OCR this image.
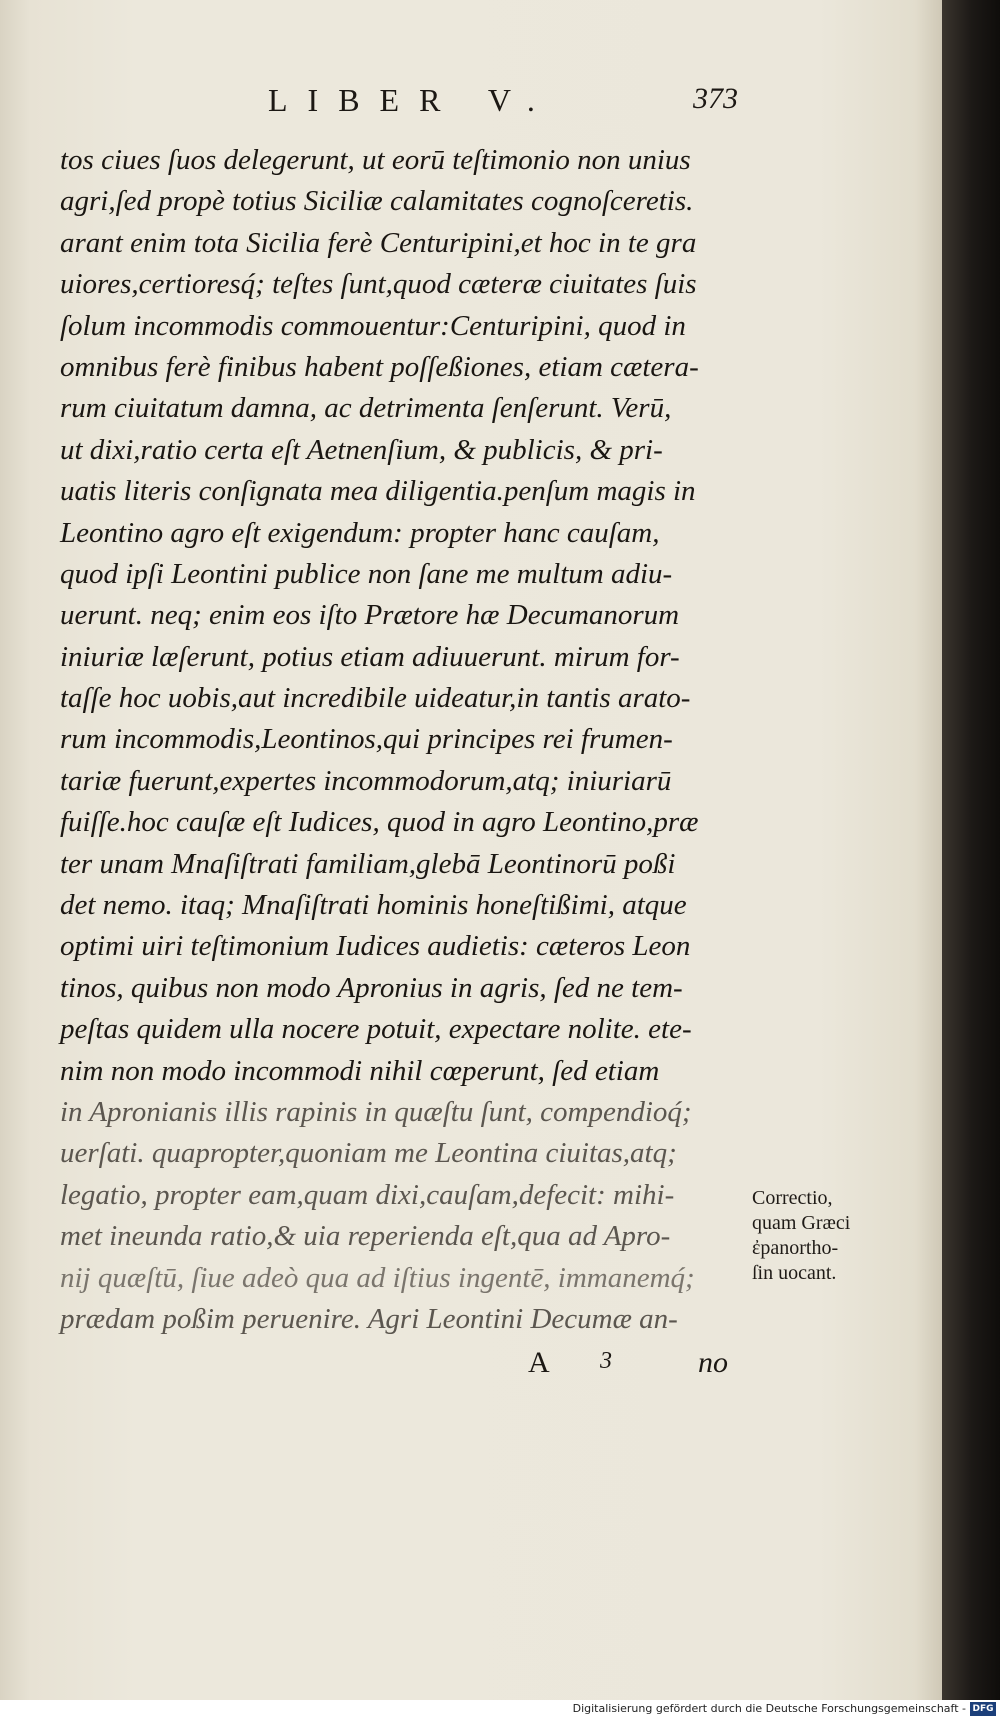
LIBER V.	373
tos ciues ſuos delegerunt, ut eorū teſtimonio non unius
agri,ſed propè totius Siciliæ calamitates cognoſceretis.
arant enim tota Sicilia ferè Centuripini,et hoc in te gra
uiores,certioresq́; teſtes ſunt,quod cæteræ ciuitates ſuis
ſolum incommodis commouentur:Centuripini, quod in
omnibus ferè finibus habent poſſeßiones, etiam cætera-
rum ciuitatum damna, ac detrimenta ſenſerunt. Verū,
ut dixi,ratio certa eſt Aetnenſium, & publicis, & pri-
uatis literis conſignata mea diligentia.penſum magis in
Leontino agro eſt exigendum: propter hanc cauſam,
quod ipſi Leontini publice non ſane me multum adiu-
uerunt. neq; enim eos iſto Prætore hæ Decumanorum
iniuriæ læſerunt, potius etiam adiuuerunt. mirum for-
taſſe hoc uobis,aut incredibile uideatur,in tantis arato-
rum incommodis,Leontinos,qui principes rei frumen-
tariæ fuerunt,expertes incommodorum,atq; iniuriarū
fuiſſe.hoc cauſæ eſt Iudices, quod in agro Leontino,præ
ter unam Mnaſiſtrati familiam,glebā Leontinorū poßi
det nemo. itaq; Mnaſiſtrati hominis honeſtißimi, atque
optimi uiri teſtimonium Iudices audietis: cæteros Leon
tinos, quibus non modo Apronius in agris, ſed ne tem-
peſtas quidem ulla nocere potuit, expectare nolite. ete-
nim non modo incommodi nihil cœperunt, ſed etiam
in Apronianis illis rapinis in quæſtu ſunt, compendioq́;
uerſati. quapropter,quoniam me Leontina ciuitas,atq;
legatio, propter eam,quam dixi,cauſam,defecit: mihi-
met ineunda ratio,& uia reperienda eſt,qua ad Apro-
nij quæſtū, ſiue adeò qua ad iſtius ingentē, immanemq́;
prædam poßim peruenire. Agri Leontini Decumæ an-
Correctio,
quam Græci
ἐpanortho-
ſin uocant.
A 3	no
Digitalisierung gefördert durch die Deutsche Forschungsgemeinschaft - DFG
